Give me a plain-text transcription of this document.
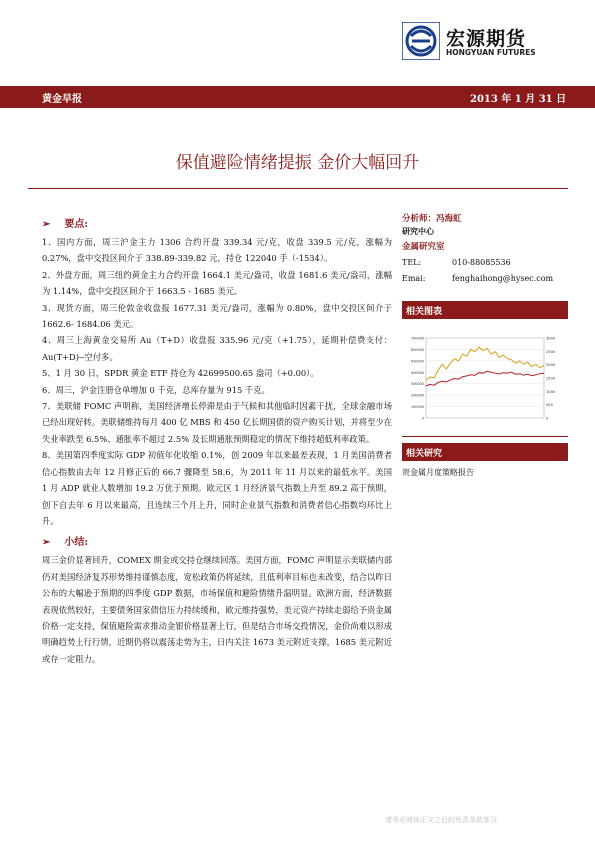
宏源期货
HONGYUAN FUTURES
黄金早报	2013 年 1 月 31 日
保值避险情绪提振 金价大幅回升
➢ 要点:

1、国内方面，周三沪金主力 1306 合约开盘 339.34 元/克，收盘 339.5 元/克，涨幅为 0.27%，盘中交投区间介于 338.89-339.82 元，持仓 122040 手（-1534）。

2、外盘方面，周三纽约黄金主力合约开盘 1664.1 美元/盎司，收盘 1681.6 美元/盎司，涨幅为 1.14%，盘中交投区间介于 1663.5 - 1685 美元。

3、现货方面，周三伦敦金收盘报 1677.31 美元/盎司，涨幅为 0.80%，盘中交投区间介于 1662.6- 1684.06 美元。

4、周三上海黄金交易所 Au（T+D）收盘报 335.96 元/克（+1.75），延期补偿费支付：Au(T+D)--空付多。

5、1 月 30 日，SPDR 黄金 ETF 持仓为 42699500.65 盎司（+0.00）。

6、周三，沪金注册仓单增加 0 千克，总库存量为 915 千克。

7、美联储 FOMC 声明称，美国经济增长停滞是由于气候和其他临时因素干扰，全球金融市场已经出现好转。美联储维持每月 400 亿 MBS 和 450 亿长期国债的资产购买计划，并将至少在失业率跌至 6.5%、通胀率不超过 2.5% 及长期通胀预期稳定的情况下维持超低利率政策。

8、美国第四季度实际 GDP 初值年化收缩 0.1%，创 2009 年以来最差表现，1 月美国消费者信心指数由去年 12 月修正后的 66.7 骤降至 58.6，为 2011 年 11 月以来的最低水平。美国 1 月 ADP 就业人数增加 19.2 万优于预期。欧元区 1 月经济景气指数上升至 89.2 高于预期，创下自去年 6 月以来最高，且连续三个月上升，同时企业景气指数和消费者信心指数均环比上升。

➢ 小结:

周三金价显著回升，COMEX 期金或交持仓继续回落。美国方面，FOMC 声明显示美联储内部仍对美国经济复苏形势维持谨慎态度，宽松政策仍将延续，且低利率目标也未改变，结合以昨日公布的大幅逊于预期的四季度 GDP 数据，市场保值和避险情绪升温明显。欧洲方面，经济数据表现依然较好，主要债务国家债信压力持续缓和，欧元维持强势，美元资产持续走弱给予贵金属价格一定支持，保值避险需求推动金银价格显著上行，但是结合市场交投情况，金价尚难以形成明确趋势上行行情，近期仍将以震荡走势为主，日内关注 1673 美元附近支撑，1685 美元附近或存一定阻力。

分析师：冯海虹
研究中心
金属研究室
TEL:	010-88085536
Emai:	fenghaihong@hysec.com
相关图表
0
100000
200000
300000
400000
500000
600000
700000
0
500
1000
1500
2000
2500
3000
相关研究
贵金属月度策略报告
请务必阅读正文之后的免责条款部分
